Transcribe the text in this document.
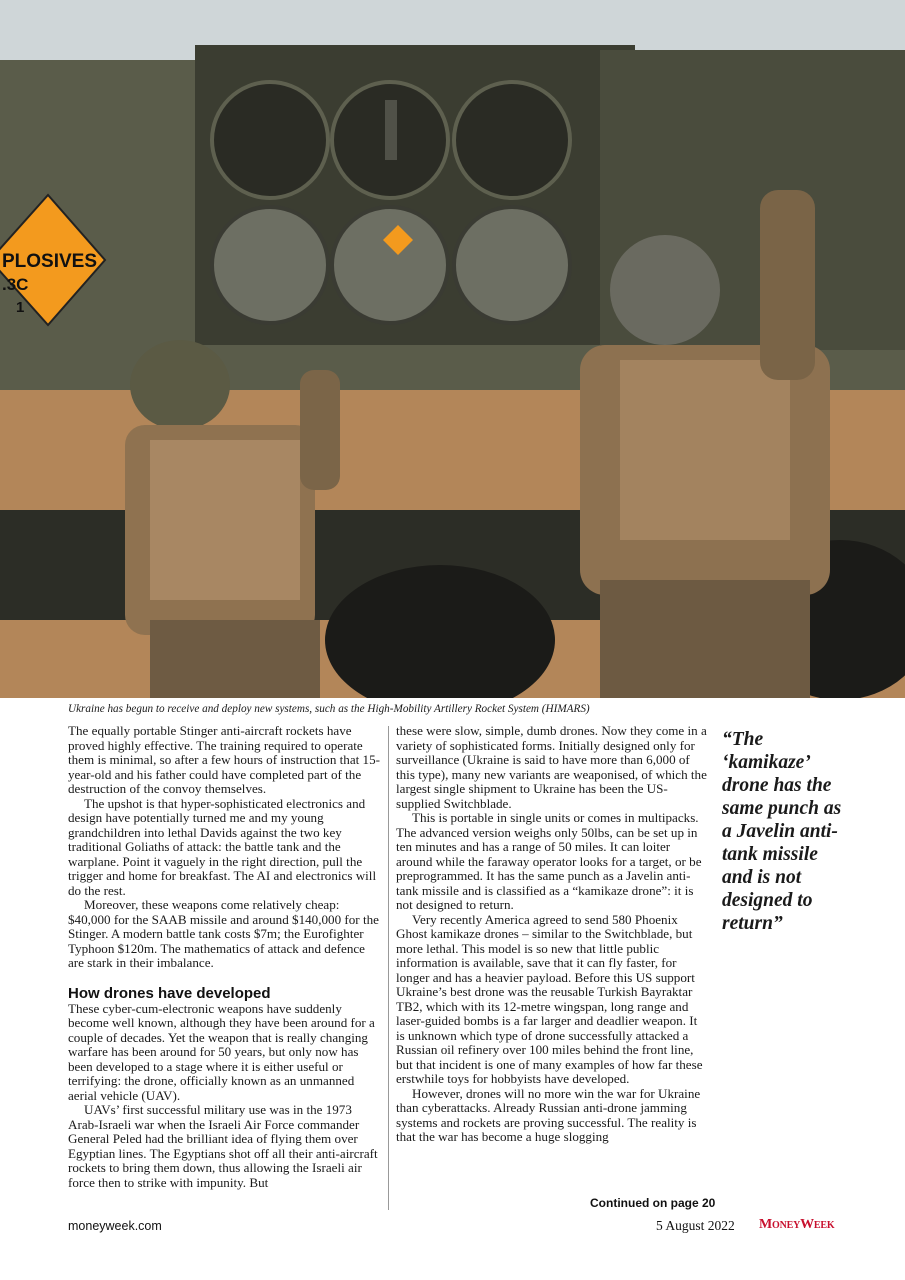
PLOSIVES
.3C
1
Ukraine has begun to receive and deploy new systems, such as the High-Mobility Artillery Rocket System (HIMARS)

The equally portable Stinger anti-aircraft rockets have proved highly effective. The training required to operate them is minimal, so after a few hours of instruction that 15-year-old and his father could have completed part of the destruction of the convoy themselves.

The upshot is that hyper-sophisticated electronics and design have potentially turned me and my young grandchildren into lethal Davids against the two key traditional Goliaths of attack: the battle tank and the warplane. Point it vaguely in the right direction, pull the trigger and home for breakfast. The AI and electronics will do the rest.

Moreover, these weapons come relatively cheap: $40,000 for the SAAB missile and around $140,000 for the Stinger. A modern battle tank costs $7m; the Eurofighter Typhoon $120m. The mathematics of attack and defence are stark in their imbalance.

How drones have developed

These cyber-cum-electronic weapons have suddenly become well known, although they have been around for a couple of decades. Yet the weapon that is really changing warfare has been around for 50 years, but only now has been developed to a stage where it is either useful or terrifying: the drone, officially known as an unmanned aerial vehicle (UAV).

UAVs’ first successful military use was in the 1973 Arab-Israeli war when the Israeli Air Force commander General Peled had the brilliant idea of flying them over Egyptian lines. The Egyptians shot off all their anti-aircraft rockets to bring them down, thus allowing the Israeli air force then to strike with impunity. But

these were slow, simple, dumb drones. Now they come in a variety of sophisticated forms. Initially designed only for surveillance (Ukraine is said to have more than 6,000 of this type), many new variants are weaponised, of which the largest single shipment to Ukraine has been the US-supplied Switchblade.

This is portable in single units or comes in multipacks. The advanced version weighs only 50lbs, can be set up in ten minutes and has a range of 50 miles. It can loiter around while the faraway operator looks for a target, or be preprogrammed. It has the same punch as a Javelin anti-tank missile and is classified as a “kamikaze drone”: it is not designed to return.

Very recently America agreed to send 580 Phoenix Ghost kamikaze drones – similar to the Switchblade, but more lethal. This model is so new that little public information is available, save that it can fly faster, for longer and has a heavier payload. Before this US support Ukraine’s best drone was the reusable Turkish Bayraktar TB2, which with its 12-metre wingspan, long range and laser-guided bombs is a far larger and deadlier weapon. It is unknown which type of drone successfully attacked a Russian oil refinery over 100 miles behind the front line, but that incident is one of many examples of how far these erstwhile toys for hobbyists have developed.

However, drones will no more win the war for Ukraine than cyberattacks. Already Russian anti-drone jamming systems and rockets are proving successful. The reality is that the war has become a huge slogging

“The ‘kamikaze’ drone has the same punch as a Javelin anti-tank missile and is not designed to return”
Continued on page 20
moneyweek.com	5 August 2022 MoneyWeek
